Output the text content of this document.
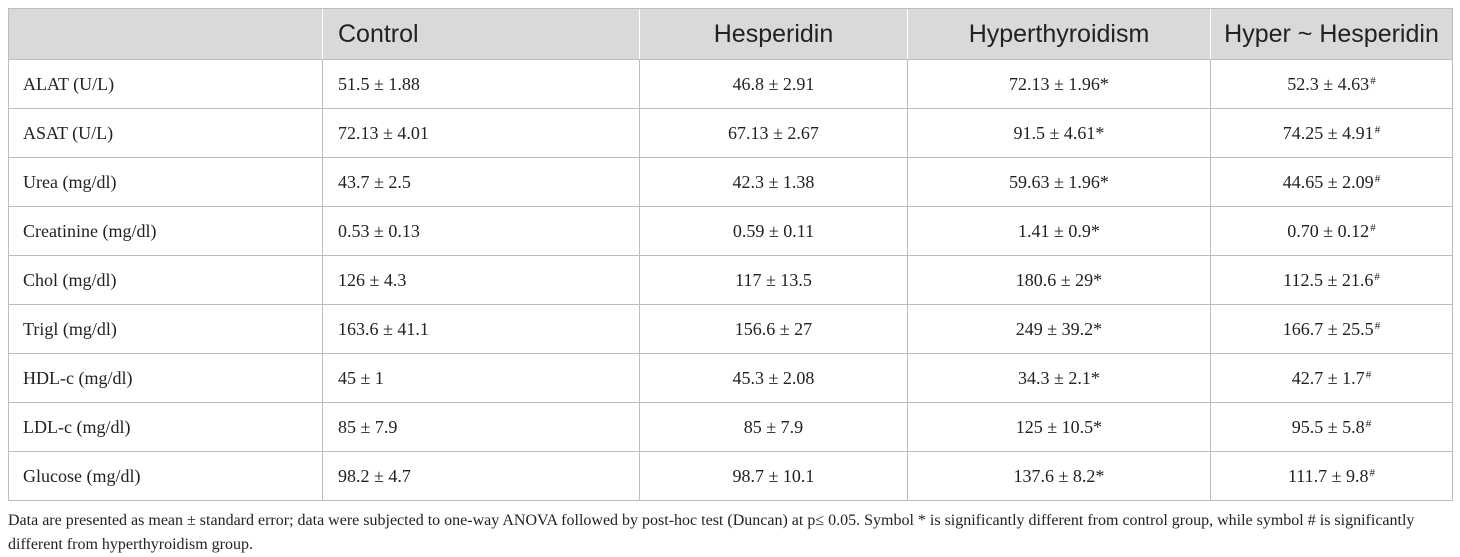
	Control	Hesperidin	Hyperthyroidism	Hyper ~ Hesperidin
ALAT (U/L)	51.5 ± 1.88	46.8 ± 2.91	72.13 ± 1.96*	52.3 ± 4.63#
ASAT (U/L)	72.13 ± 4.01	67.13 ± 2.67	91.5 ± 4.61*	74.25 ± 4.91#
Urea (mg/dl)	43.7 ± 2.5	42.3 ± 1.38	59.63 ± 1.96*	44.65 ± 2.09#
Creatinine (mg/dl)	0.53 ± 0.13	0.59 ± 0.11	1.41 ± 0.9*	0.70 ± 0.12#
Chol (mg/dl)	126 ± 4.3	117 ± 13.5	180.6 ± 29*	112.5 ± 21.6#
Trigl (mg/dl)	163.6 ± 41.1	156.6 ± 27	249 ± 39.2*	166.7 ± 25.5#
HDL-c (mg/dl)	45 ± 1	45.3 ± 2.08	34.3 ± 2.1*	42.7 ± 1.7#
LDL-c (mg/dl)	85 ± 7.9	85 ± 7.9	125 ± 10.5*	95.5 ± 5.8#
Glucose (mg/dl)	98.2 ± 4.7	98.7 ± 10.1	137.6 ± 8.2*	111.7 ± 9.8#
Data are presented as mean ± standard error; data were subjected to one-way ANOVA followed by post-hoc test (Duncan) at p≤ 0.05. Symbol * is significantly different from control group, while symbol # is significantly different from hyperthyroidism group.
